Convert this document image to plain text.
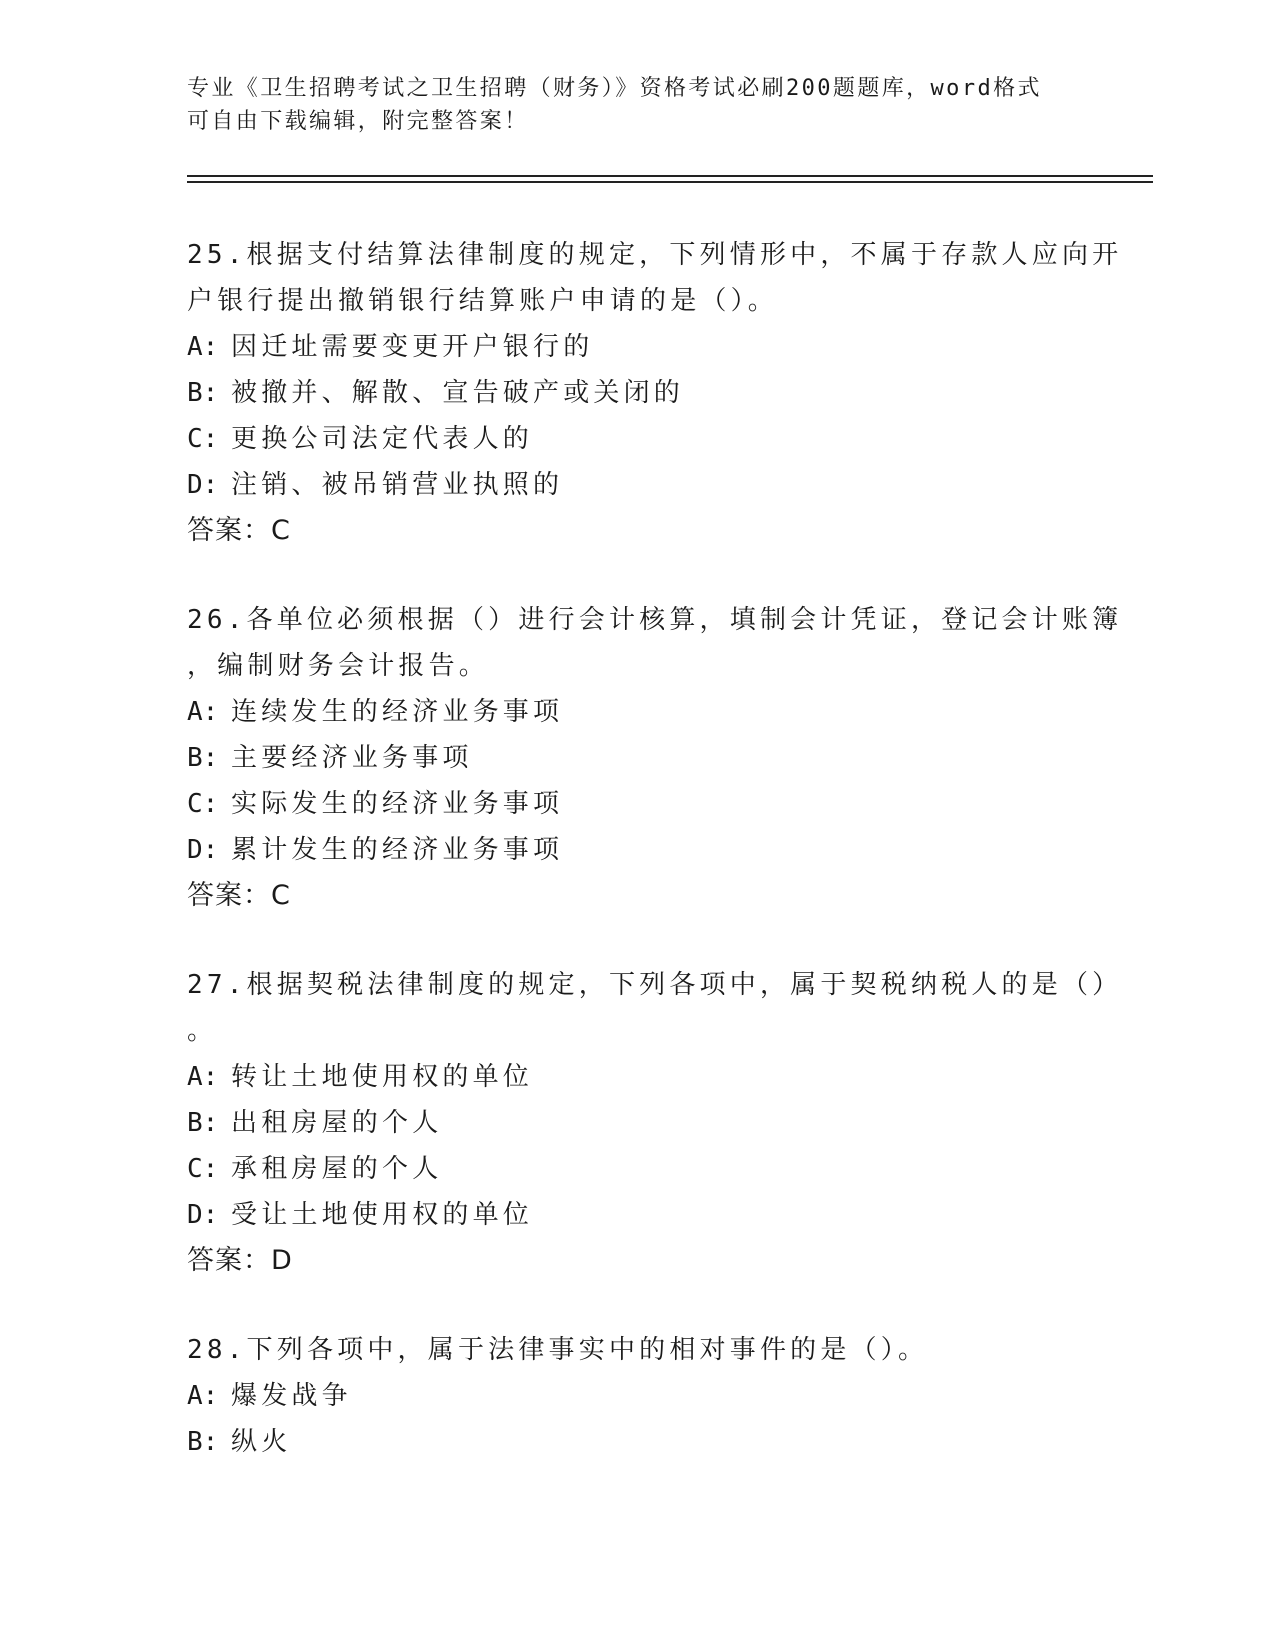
专业《卫生招聘考试之卫生招聘（财务）》资格考试必刷200题题库，word格式
可自由下载编辑，附完整答案！
25.根据支付结算法律制度的规定，下列情形中，不属于存款人应向开
户银行提出撤销银行结算账户申请的是（）。
A: 因迁址需要变更开户银行的
B: 被撤并、解散、宣告破产或关闭的
C: 更换公司法定代表人的
D: 注销、被吊销营业执照的
答案：C
26.各单位必须根据（）进行会计核算，填制会计凭证，登记会计账簿
，编制财务会计报告。
A: 连续发生的经济业务事项
B: 主要经济业务事项
C: 实际发生的经济业务事项
D: 累计发生的经济业务事项
答案：C
27.根据契税法律制度的规定，下列各项中，属于契税纳税人的是（）
。
A: 转让土地使用权的单位
B: 出租房屋的个人
C: 承租房屋的个人
D: 受让土地使用权的单位
答案：D
28.下列各项中，属于法律事实中的相对事件的是（）。
A: 爆发战争
B: 纵火
